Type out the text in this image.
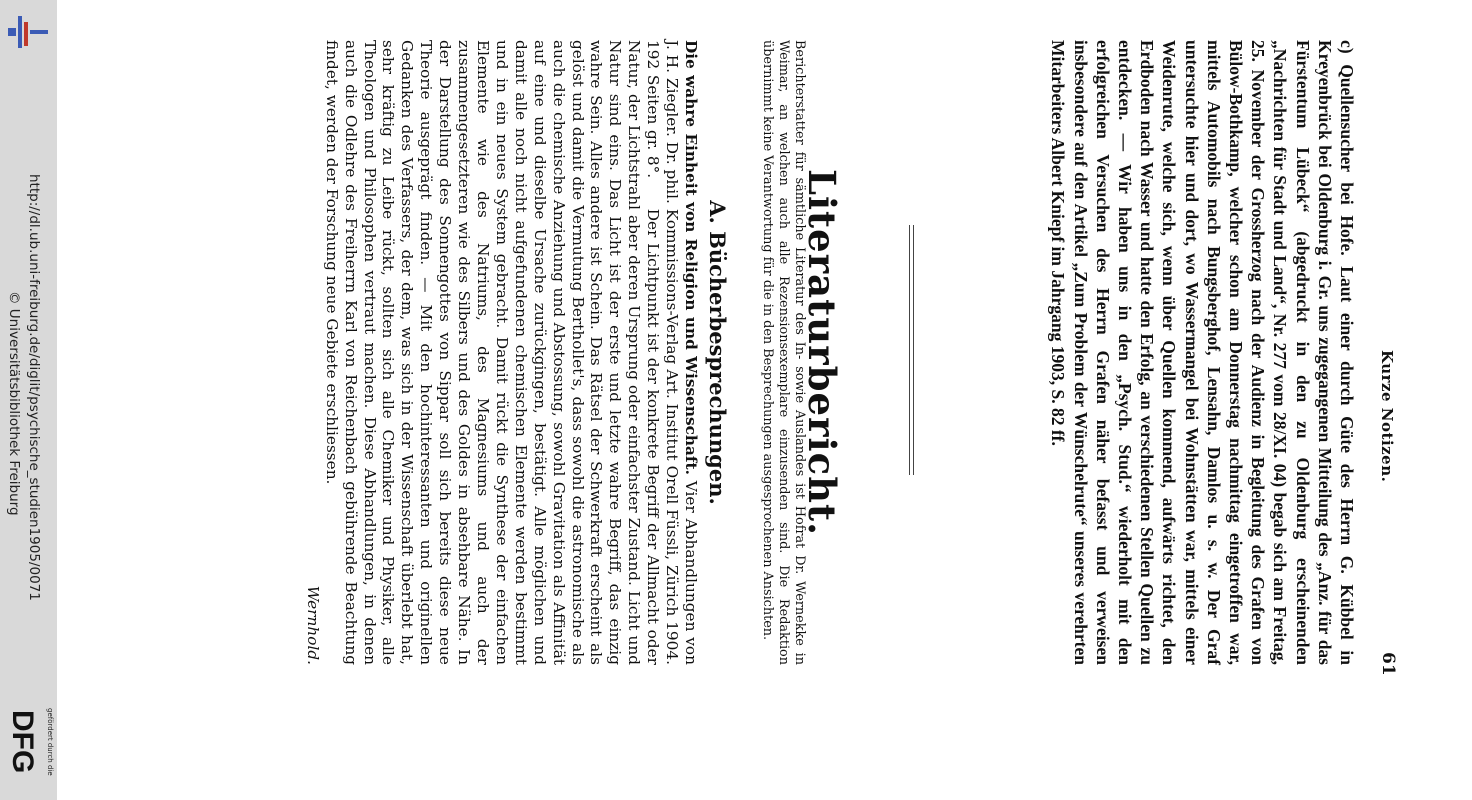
http://dl.ub.uni-freiburg.de/diglit/psychische_studien1905/0071
© Universitätsbibliothek Freiburg
gefördert durch die
DFG
Kurze Notizen.
61

c) Quellensucher bei Hofe. Laut einer durch Güte des Herrn G. Kübbel in Kreyenbrück bei Oldenburg i. Gr. uns zugegangenen Mitteilung des „Anz. für das Fürstentum Lübeck“ (abgedruckt in den zu Oldenburg erscheinenden „Nachrichten für Stadt und Land“, Nr. 277 vom 28/XI. 04) begab sich am Freitag, 25. November der Grossherzog nach der Audienz in Begleitung des Grafen von Bülow-Bothkamp, welcher schon am Donnerstag nachmittag eingetroffen war, mittels Automobils nach Bungsberghof, Lensahn, Damlos u. s. w. Der Graf untersuchte hier und dort, wo Wassermangel bei Wohnstätten war, mittels einer Weidenrute, welche sich, wenn über Quellen kommend, aufwärts richtet, den Erdboden nach Wasser und hatte den Erfolg, an verschiedenen Stellen Quellen zu entdecken. — Wir haben uns in den „Psych. Stud.“ wiederholt mit den erfolgreichen Versuchen des Herrn Grafen näher befasst und verweisen insbesondere auf den Artikel „Zum Problem der Wünschelrute“ unseres verehrten Mitarbeiters Albert Kniepf im Jahrgang 1903, S. 82 ff.

Literaturbericht.

Berichterstatter für sämtliche Literatur des In- sowie Auslandes ist Hofrat Dr. Wernekke in Weimar, an welchen auch alle Rezensionsexemplare einzusenden sind. Die Redaktion übernimmt keine Verantwortung für die in den Besprechungen ausgesprochenen Ansichten.

A. Bücherbesprechungen.
Die wahre Einheit von Religion und Wissenschaft. Vier Abhandlungen von J. H. Ziegler. Dr. phil. Kommissions-Verlag Art. Institut Orell Füssli, Zürich 1904. 192 Seiten gr. 8°. Der Lichtpunkt ist der konkrete Begriff der Allmacht oder Natur, der Lichtstrahl aber deren Ursprung oder einfachster Zustand. Licht und Natur sind eins. Das Licht ist der erste und letzte wahre Begriff, das einzig wahre Sein. Alles andere ist Schein. Das Rätsel der Schwerkraft erscheint als gelöst und damit die Vermutung Berthollet's, dass sowohl die astronomische als auch die chemische Anziehung und Abstossung, sowohl Gravitation als Affinität auf eine und dieselbe Ursache zurückgingen, bestätigt. Alle möglichen und damit alle noch nicht aufgefundenen chemischen Elemente werden bestimmt und in ein neues System gebracht. Damit rückt die Synthese der einfachen Elemente wie des Natriums, des Magnesiums und auch der zusammengesetzteren wie des Silbers und des Goldes in absehbare Nähe. In der Darstellung des Sonnengottes von Sippar soll sich bereits diese neue Theorie ausgeprägt finden. — Mit den hochinteressanten und originellen Gedanken des Verfassers, der dem, was sich in der Wissenschaft überlebt hat, sehr kräftig zu Leibe rückt, sollten sich alle Chemiker und Physiker, alle Theologen und Philosophen vertraut machen. Diese Abhandlungen, in denen auch die Odlehre des Freiherrn Karl von Reichenbach gebührende Beachtung findet, werden der Forschung neue Gebiete erschliessen.
Wernhold.
